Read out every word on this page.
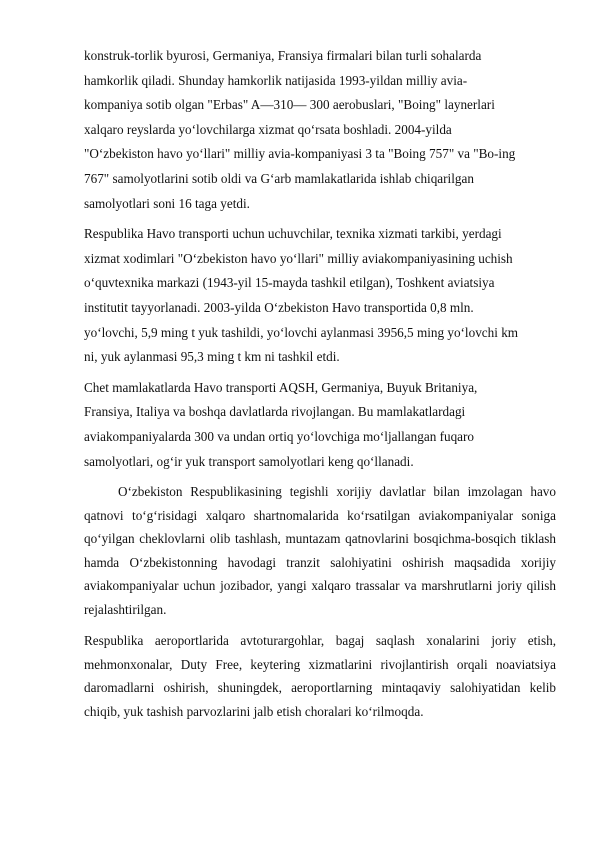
konstruk-torlik byurosi, Germaniya, Fransiya firmalari bilan turli sohalarda
hamkorlik qiladi. Shunday hamkorlik natijasida 1993-yildan milliy avia-
kompaniya sotib olgan "Erbas" A—310— 300 aerobuslari, "Boing" laynerlari
xalqaro reyslarda yo‘lovchilarga xizmat qo‘rsata boshladi. 2004-yilda
"O‘zbekiston havo yo‘llari" milliy avia-kompaniyasi 3 ta "Boing 757" va "Bo-ing
767" samolyotlarini sotib oldi va G‘arb mamlakatlarida ishlab chiqarilgan
samolyotlari soni 16 taga yetdi.

Respublika Havo transporti uchun uchuvchilar, texnika xizmati tarkibi, yerdagi
xizmat xodimlari "O‘zbekiston havo yo‘llari" milliy aviakompaniyasining uchish
o‘quvtexnika markazi (1943-yil 15-mayda tashkil etilgan), Toshkent aviatsiya
institutit tayyorlanadi. 2003-yilda O‘zbekiston Havo transportida 0,8 mln.
yo‘lovchi, 5,9 ming t yuk tashildi, yo‘lovchi aylanmasi 3956,5 ming yo‘lovchi km
ni, yuk aylanmasi 95,3 ming t km ni tashkil etdi.

Chet mamlakatlarda Havo transporti AQSH, Germaniya, Buyuk Britaniya,
Fransiya, Italiya va boshqa davlatlarda rivojlangan. Bu mamlakatlardagi
aviakompaniyalarda 300 va undan ortiq yo‘lovchiga mo‘ljallangan fuqaro
samolyotlari, og‘ir yuk transport samolyotlari keng qo‘llanadi.

O‘zbekiston Respublikasining tegishli xorijiy davlatlar bilan imzolagan havo qatnovi to‘g‘risidagi xalqaro shartnomalarida ko‘rsatilgan aviakompaniyalar soniga qo‘yilgan cheklovlarni olib tashlash, muntazam qatnovlarini bosqichma-bosqich tiklash hamda O‘zbekistonning havodagi tranzit salohiyatini oshirish maqsadida xorijiy aviakompaniyalar uchun jozibador, yangi xalqaro trassalar va marshrutlarni joriy qilish rejalashtirilgan.

Respublika aeroportlarida avtoturargohlar, bagaj saqlash xonalarini joriy etish, mehmonxonalar, Duty Free, keytering xizmatlarini rivojlantirish orqali noaviatsiya daromadlarni oshirish, shuningdek, aeroportlarning mintaqaviy salohiyatidan kelib chiqib, yuk tashish parvozlarini jalb etish choralari ko‘rilmoqda.
